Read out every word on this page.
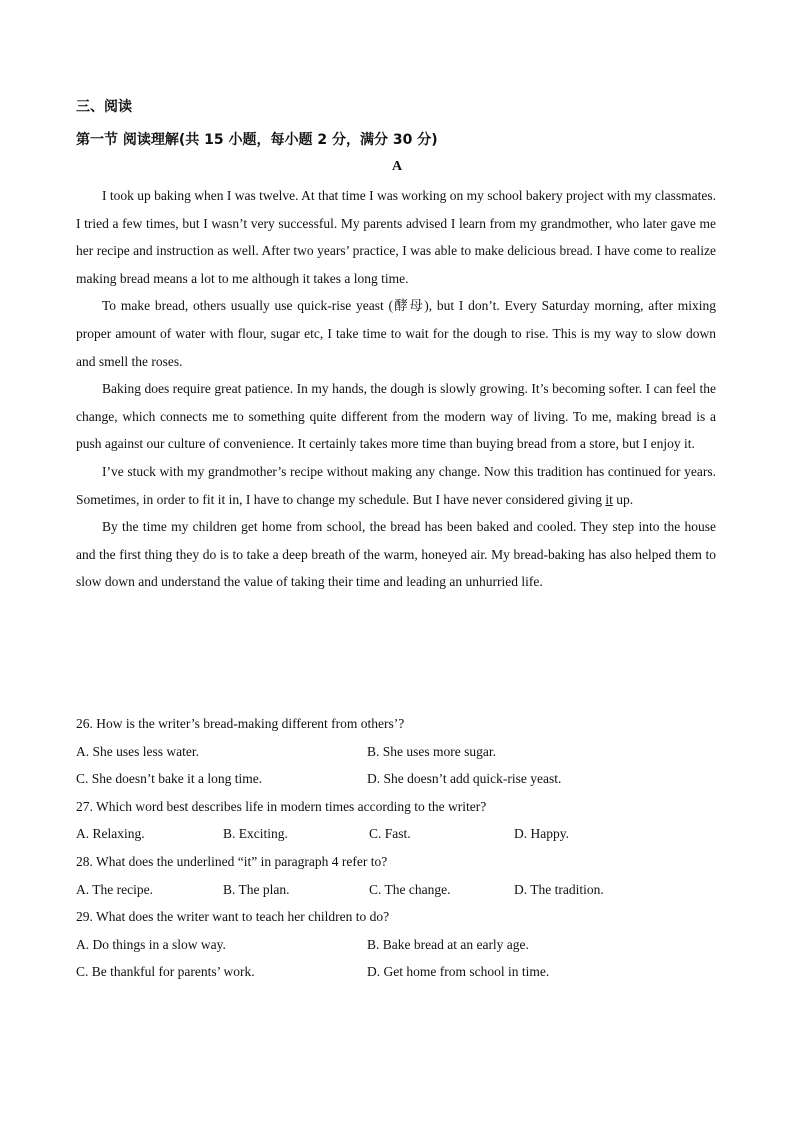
三、阅读
第一节 阅读理解(共 15 小题，每小题 2 分，满分 30 分)
A

I took up baking when I was twelve. At that time I was working on my school bakery project with my classmates. I tried a few times, but I wasn’t very successful. My parents advised I learn from my grandmother, who later gave me her recipe and instruction as well. After two years’ practice, I was able to make delicious bread. I have come to realize making bread means a lot to me although it takes a long time.

To make bread, others usually use quick-rise yeast (酵母), but I don’t. Every Saturday morning, after mixing proper amount of water with flour, sugar etc, I take time to wait for the dough to rise. This is my way to slow down and smell the roses.

Baking does require great patience. In my hands, the dough is slowly growing. It’s becoming softer. I can feel the change, which connects me to something quite different from the modern way of living. To me, making bread is a push against our culture of convenience. It certainly takes more time than buying bread from a store, but I enjoy it.

I’ve stuck with my grandmother’s recipe without making any change. Now this tradition has continued for years. Sometimes, in order to fit it in, I have to change my schedule. But I have never considered giving it up.

By the time my children get home from school, the bread has been baked and cooled. They step into the house and the first thing they do is to take a deep breath of the warm, honeyed air. My bread-baking has also helped them to slow down and understand the value of taking their time and leading an unhurried life.

26. How is the writer’s bread-making different from others’?
A. She uses less water.	B. She uses more sugar.
C. She doesn’t bake it a long time.	D. She doesn’t add quick-rise yeast.
27. Which word best describes life in modern times according to the writer?
A. Relaxing.	B. Exciting.	C. Fast.	D. Happy.
28. What does the underlined “it” in paragraph 4 refer to?
A. The recipe.	B. The plan.	C. The change.	D. The tradition.
29. What does the writer want to teach her children to do?
A. Do things in a slow way.	B. Bake bread at an early age.
C. Be thankful for parents’ work.	D. Get home from school in time.
